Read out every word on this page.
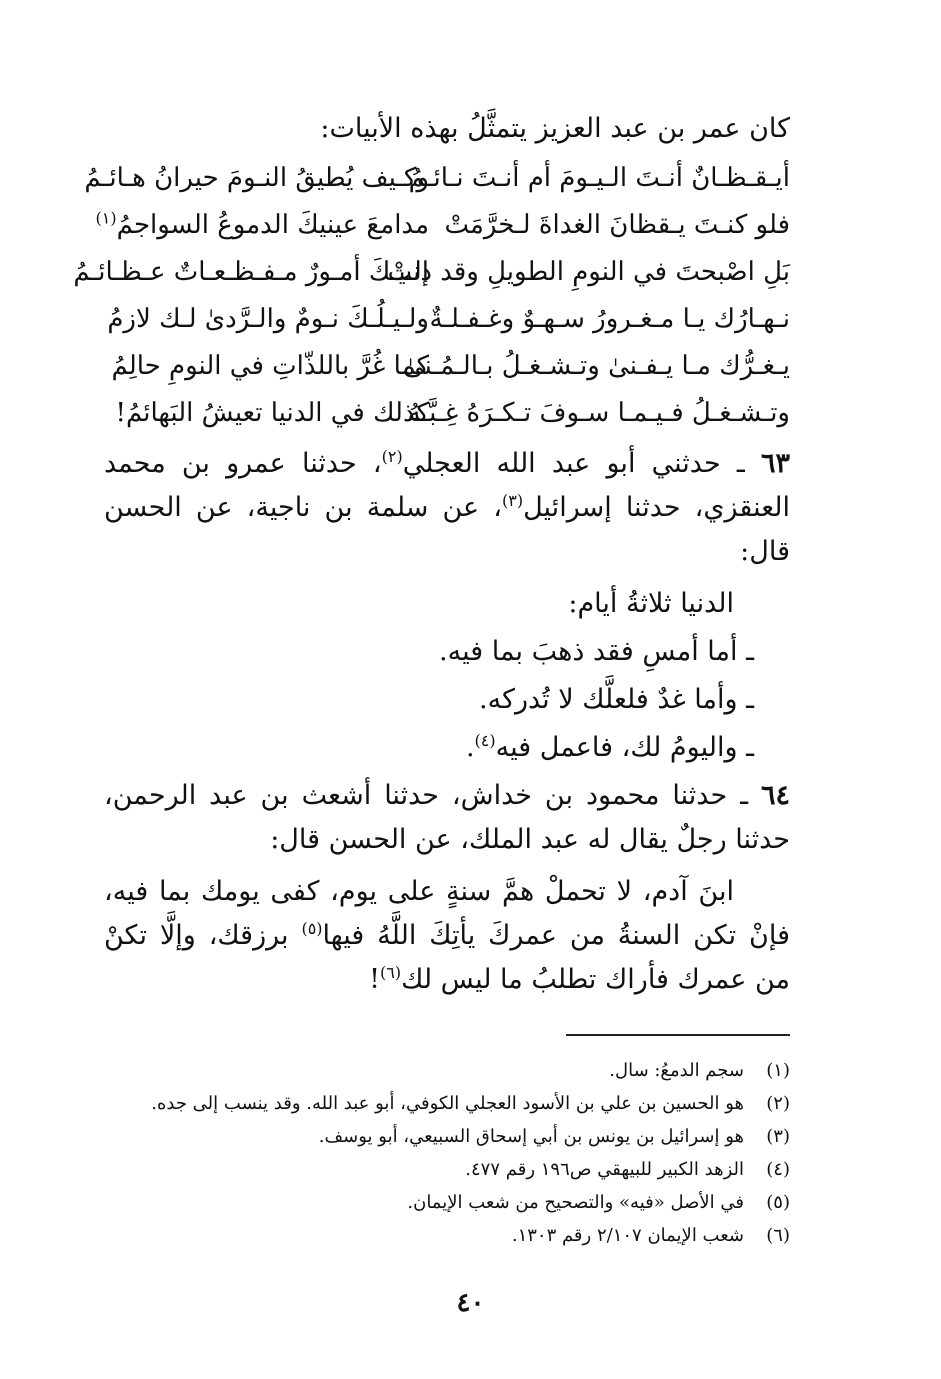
كان عمر بن عبد العزيز يتمثَّلُ بهذه الأبيات:
أيـقـظـانٌ أنـتَ الـيـومَ أم أنـتَ نـائـمُ
وكـيف يُطيقُ النـومَ حيرانُ هـائـمُ
فلو كنـتَ يـقظانَ الغداةَ لـخرَّمَتْ
مدامعَ عينيكَ الدموعُ السواجمُ$^{(١)}$
بَلِ اصْبحتَ في النومِ الطويلِ وقد دنتْ
إلـيـكَ أمـورٌ مـفـظـعـاتٌ عـظـائـمُ
نـهـارُك يـا مـغـرورُ سـهـوٌ وغـفـلـةٌ
ولـيـلُـكَ نـومٌ والـرَّدىٰ لـك لازمُ
يـغـرُّك مـا يـفـنىٰ وتـشـغـلُ بـالـمُـنىٰ
كما غُرَّ باللذّاتِ في النومِ حالِمُ
وتـشـغـلُ فـيـمـا سـوفَ تـكـرَهُ غِـبَّـهُ
كذلك في الدنيا تعيشُ البَهائمُ!
٦٣ ـ حدثني أبو عبد الله العجلي$^{(٢)}$، حدثنا عمرو بن محمد العنقزي، حدثنا إسرائيل$^{(٣)}$، عن سلمة بن ناجية، عن الحسن قال:
الدنيا ثلاثةُ أيام:
ـ أما أمسِ فقد ذهبَ بما فيه.
ـ وأما غدٌ فلعلَّك لا تُدركه.
ـ واليومُ لك، فاعمل فيه$^{(٤)}$.
٦٤ ـ حدثنا محمود بن خداش، حدثنا أشعث بن عبد الرحمن، حدثنا رجلٌ يقال له عبد الملك، عن الحسن قال:
ابنَ آدم، لا تحملْ همَّ سنةٍ على يوم، كفى يومك بما فيه، فإنْ تكن السنةُ من عمركَ يأتِكَ اللَّهُ فيها$^{(٥)}$ برزقك، وإلَّا تكنْ من عمرك فأراك تطلبُ ما ليس لك$^{(٦)}$!
(١)
سجم الدمعُ: سال.
(٢)
هو الحسين بن علي بن الأسود العجلي الكوفي، أبو عبد الله. وقد ينسب إلى جده.
(٣)
هو إسرائيل بن يونس بن أبي إسحاق السبيعي، أبو يوسف.
(٤)
الزهد الكبير للبيهقي ص١٩٦ رقم ٤٧٧.
(٥)
في الأصل «فيه» والتصحيح من شعب الإيمان.
(٦)
شعب الإيمان ٢/١٠٧ رقم ١٣٠٣.
٤٠
